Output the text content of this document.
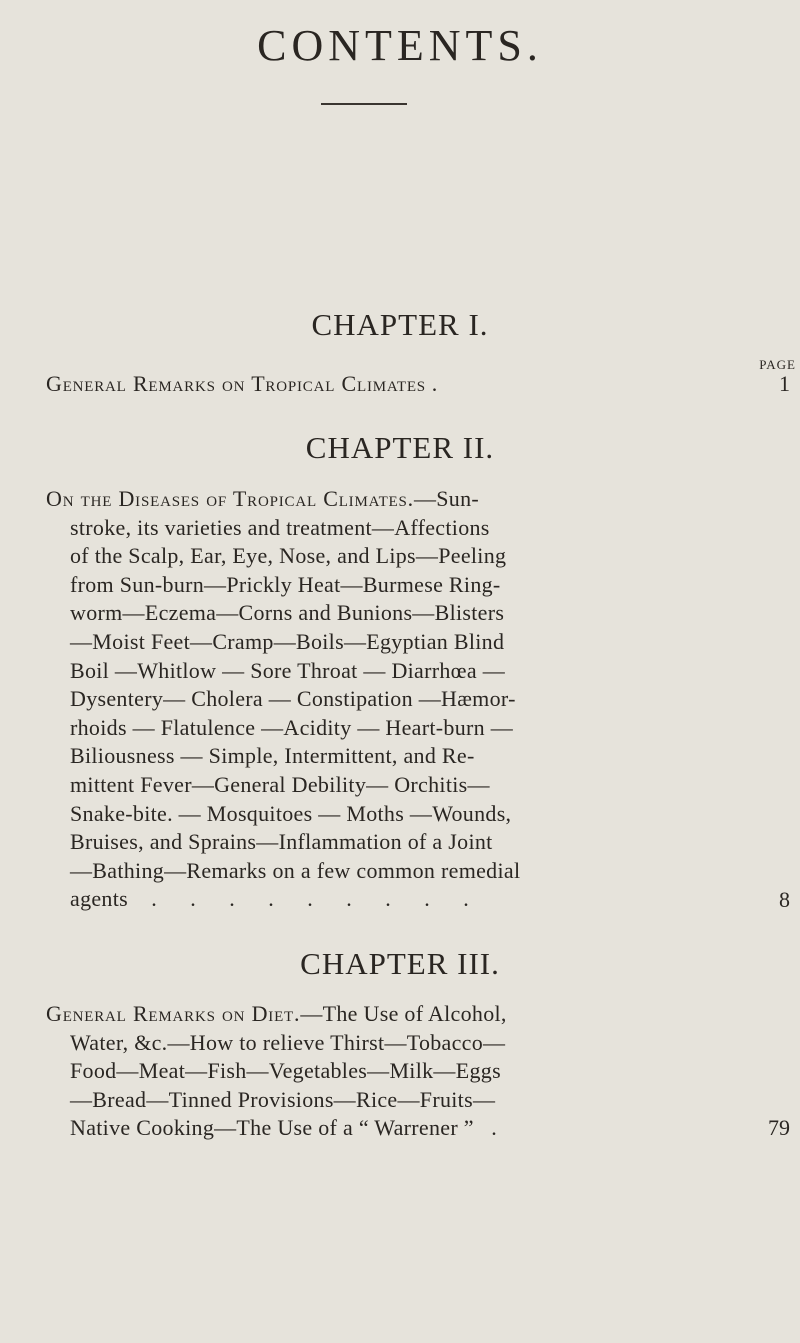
CONTENTS.
CHAPTER I.
PAGE
General Remarks on Tropical Climates .	1
CHAPTER II.
On the Diseases of Tropical Climates.—Sun-
stroke, its varieties and treatment—Affections
of the Scalp, Ear, Eye, Nose, and Lips—Peeling
from Sun-burn—Prickly Heat—Burmese Ring-
worm—Eczema—Corns and Bunions—Blisters
—Moist Feet—Cramp—Boils—Egyptian Blind
Boil —Whitlow — Sore Throat — Diarrhœa —
Dysentery— Cholera — Constipation —Hæmor-
rhoids — Flatulence —Acidity — Heart-burn —
Biliousness — Simple, Intermittent, and Re-
mittent Fever—General Debility— Orchitis—
Snake-bite. — Mosquitoes — Moths —Wounds,
Bruises, and Sprains—Inflammation of a Joint
—Bathing—Remarks on a few common remedial
agents . . . . . . . . .	8
CHAPTER III.
General Remarks on Diet.—The Use of Alcohol,
Water, &c.—How to relieve Thirst—Tobacco—
Food—Meat—Fish—Vegetables—Milk—Eggs
—Bread—Tinned Provisions—Rice—Fruits—
Native Cooking—The Use of a “ Warrener ” .	79
